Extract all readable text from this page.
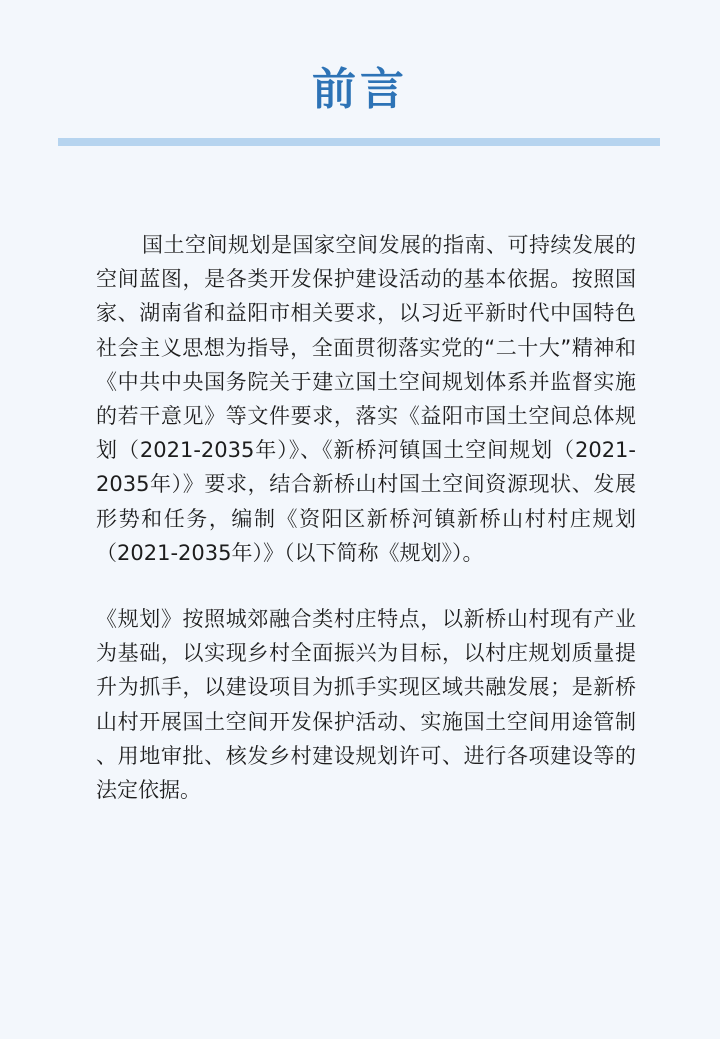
前言

国土空间规划是国家空间发展的指南、可持续发展的空间蓝图，是各类开发保护建设活动的基本依据。按照国家、湖南省和益阳市相关要求，以习近平新时代中国特色社会主义思想为指导，全面贯彻落实党的“二十大”精神和《中共中央国务院关于建立国土空间规划体系并监督实施的若干意见》等文件要求，落实《益阳市国土空间总体规划（2021-2035年）》、《新桥河镇国土空间规划（2021-2035年）》要求，结合新桥山村国土空间资源现状、发展形势和任务，编制《资阳区新桥河镇新桥山村村庄规划（2021-2035年）》（以下简称《规划》）。

《规划》按照城郊融合类村庄特点，以新桥山村现有产业为基础，以实现乡村全面振兴为目标，以村庄规划质量提升为抓手，以建设项目为抓手实现区域共融发展；是新桥山村开展国土空间开发保护活动、实施国土空间用途管制 、用地审批、核发乡村建设规划许可、进行各项建设等的法定依据。
